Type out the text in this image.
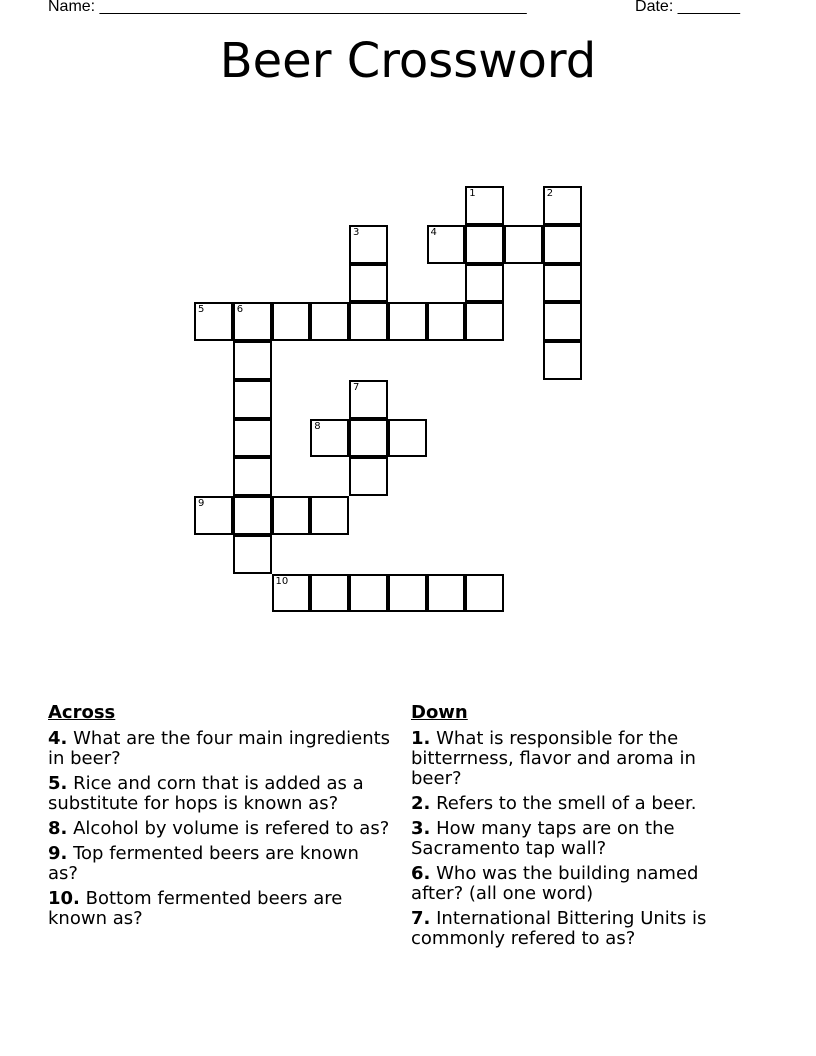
Name: ________________________________________________	Date: _______
Beer Crossword
1	2
3	4
5	6
7
8
9
10
Across
4. What are the four main ingredients in beer?
5. Rice and corn that is added as a substitute for hops is known as?
8. Alcohol by volume is refered to as?
9. Top fermented beers are known as?
10. Bottom fermented beers are known as?
Down
1. What is responsible for the bitterrness, flavor and aroma in beer?
2. Refers to the smell of a beer.
3. How many taps are on the Sacramento tap wall?
6. Who was the building named after? (all one word)
7. International Bittering Units is commonly refered to as?
